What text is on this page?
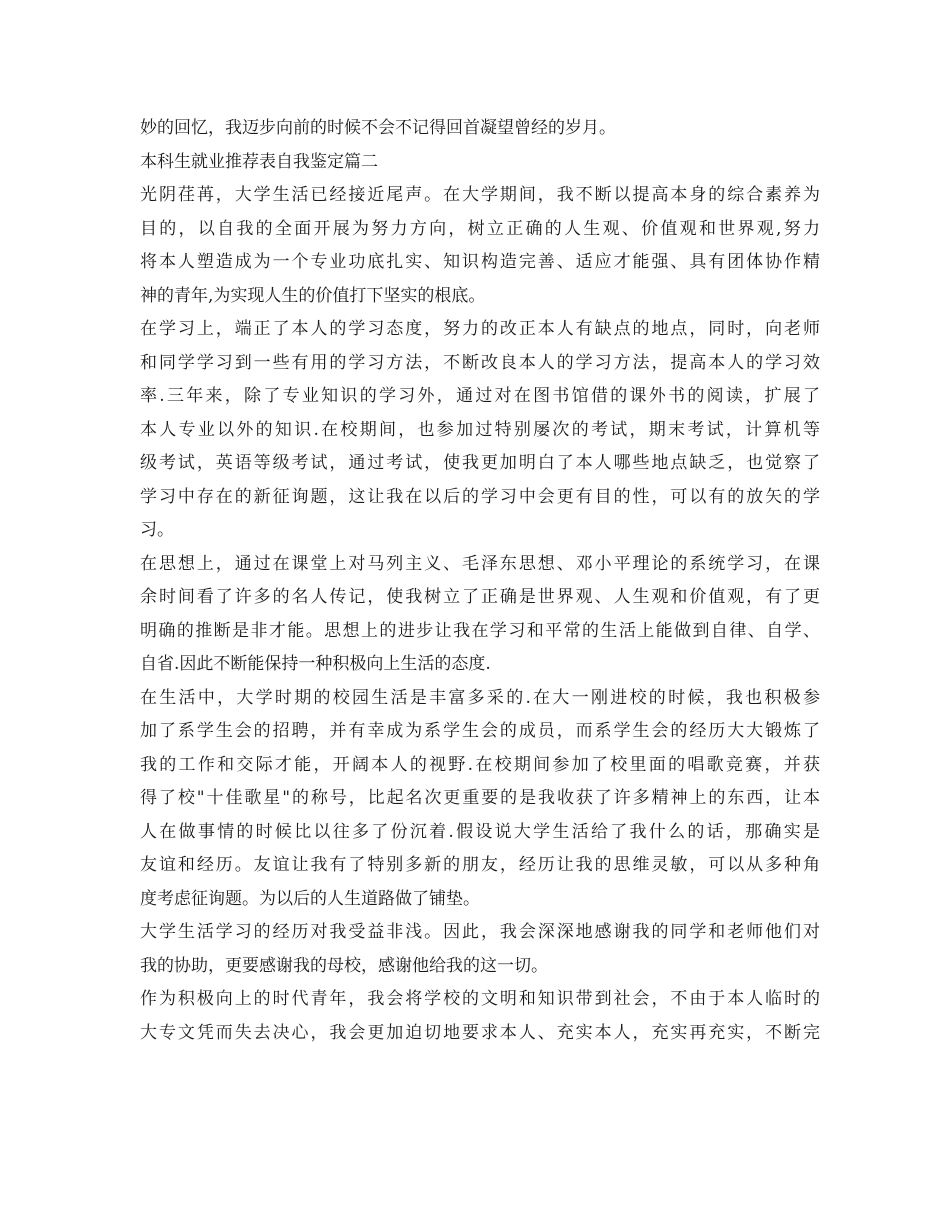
妙的回忆，我迈步向前的时候不会不记得回首凝望曾经的岁月。
本科生就业推荐表自我鉴定篇二
光阴荏苒，大学生活已经接近尾声。在大学期间，我不断以提高本身的综合素养为
目的，以自我的全面开展为努力方向，树立正确的人生观、价值观和世界观,努力
将本人塑造成为一个专业功底扎实、知识构造完善、适应才能强、具有团体协作精
神的青年,为实现人生的价值打下坚实的根底。
在学习上，端正了本人的学习态度，努力的改正本人有缺点的地点，同时，向老师
和同学学习到一些有用的学习方法，不断改良本人的学习方法，提高本人的学习效
率.三年来，除了专业知识的学习外，通过对在图书馆借的课外书的阅读，扩展了
本人专业以外的知识.在校期间，也参加过特别屡次的考试，期末考试，计算机等
级考试，英语等级考试，通过考试，使我更加明白了本人哪些地点缺乏，也觉察了
学习中存在的新征询题，这让我在以后的学习中会更有目的性，可以有的放矢的学
习。
在思想上，通过在课堂上对马列主义、毛泽东思想、邓小平理论的系统学习，在课
余时间看了许多的名人传记，使我树立了正确是世界观、人生观和价值观，有了更
明确的推断是非才能。思想上的进步让我在学习和平常的生活上能做到自律、自学、
自省.因此不断能保持一种积极向上生活的态度.
在生活中，大学时期的校园生活是丰富多采的.在大一刚进校的时候，我也积极参
加了系学生会的招聘，并有幸成为系学生会的成员，而系学生会的经历大大锻炼了
我的工作和交际才能，开阔本人的视野.在校期间参加了校里面的唱歌竞赛，并获
得了校"十佳歌星"的称号，比起名次更重要的是我收获了许多精神上的东西，让本
人在做事情的时候比以往多了份沉着.假设说大学生活给了我什么的话，那确实是
友谊和经历。友谊让我有了特别多新的朋友，经历让我的思维灵敏，可以从多种角
度考虑征询题。为以后的人生道路做了铺垫。
大学生活学习的经历对我受益非浅。因此，我会深深地感谢我的同学和老师他们对
我的协助，更要感谢我的母校，感谢他给我的这一切。
作为积极向上的时代青年，我会将学校的文明和知识带到社会，不由于本人临时的
大专文凭而失去决心，我会更加迫切地要求本人、充实本人，充实再充实，不断完
